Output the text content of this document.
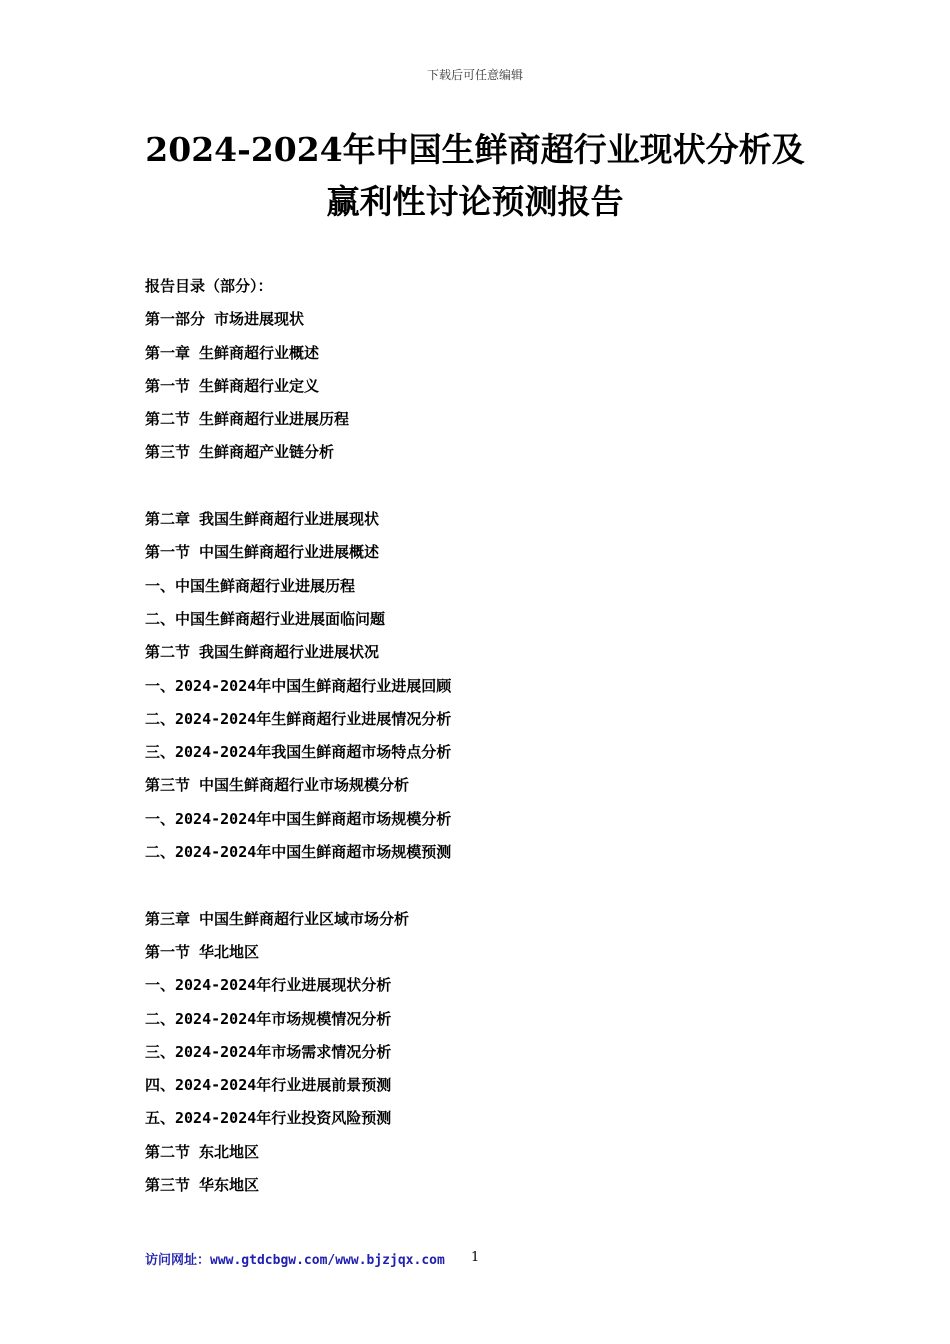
下载后可任意编辑
2024-2024年中国生鲜商超行业现状分析及
赢利性讨论预测报告
报告目录（部分）：
第一部分 市场进展现状
第一章 生鲜商超行业概述
第一节 生鲜商超行业定义
第二节 生鲜商超行业进展历程
第三节 生鲜商超产业链分析
第二章 我国生鲜商超行业进展现状
第一节 中国生鲜商超行业进展概述
一、中国生鲜商超行业进展历程
二、中国生鲜商超行业进展面临问题
第二节 我国生鲜商超行业进展状况
一、2024-2024年中国生鲜商超行业进展回顾
二、2024-2024年生鲜商超行业进展情况分析
三、2024-2024年我国生鲜商超市场特点分析
第三节 中国生鲜商超行业市场规模分析
一、2024-2024年中国生鲜商超市场规模分析
二、2024-2024年中国生鲜商超市场规模预测
第三章 中国生鲜商超行业区域市场分析
第一节 华北地区
一、2024-2024年行业进展现状分析
二、2024-2024年市场规模情况分析
三、2024-2024年市场需求情况分析
四、2024-2024年行业进展前景预测
五、2024-2024年行业投资风险预测
第二节 东北地区
第三节 华东地区
访问网址：www.gtdcbgw.com/www.bjzjqx.com 1
